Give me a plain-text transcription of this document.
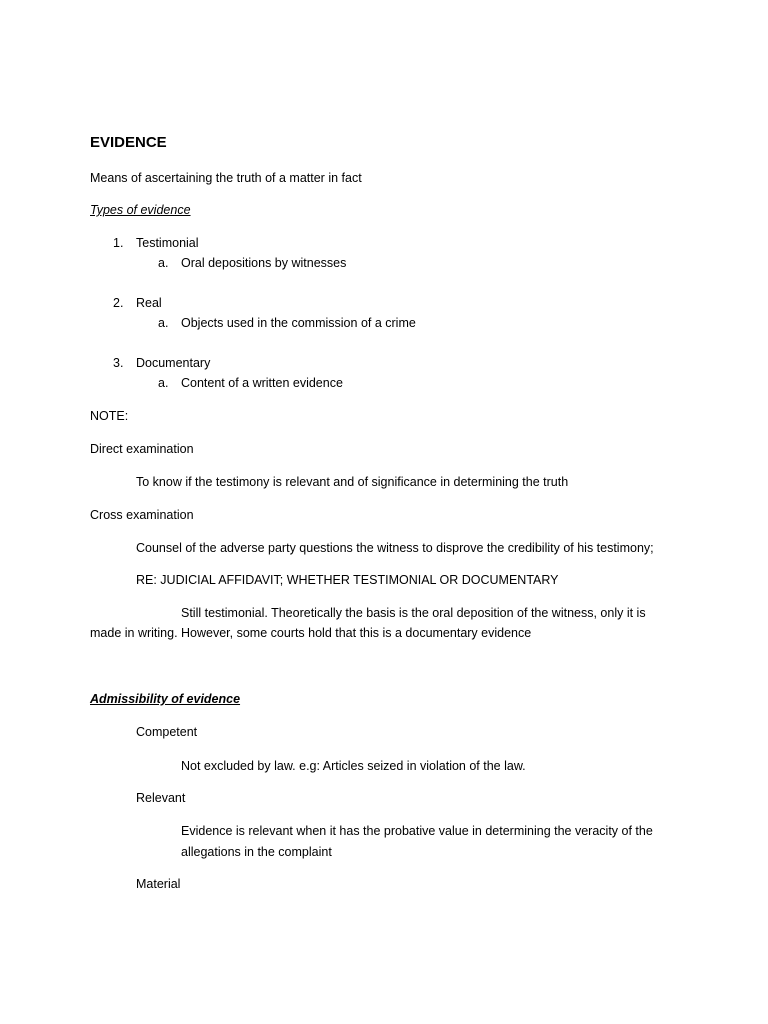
EVIDENCE
Means of ascertaining the truth of a matter in fact
Types of evidence
1. Testimonial
a. Oral depositions by witnesses
2. Real
a. Objects used in the commission of a crime
3. Documentary
a. Content of a written evidence
NOTE:
Direct examination
To know if the testimony is relevant and of significance in determining the truth
Cross examination
Counsel of the adverse party questions the witness to disprove the credibility of his testimony;
RE: JUDICIAL AFFIDAVIT; WHETHER TESTIMONIAL OR DOCUMENTARY
Still testimonial. Theoretically the basis is the oral deposition of the witness, only it is
made in writing. However, some courts hold that this is a documentary evidence
Admissibility of evidence
Competent
Not excluded by law. e.g: Articles seized in violation of the law.
Relevant
Evidence is relevant when it has the probative value in determining the veracity of the
allegations in the complaint
Material
